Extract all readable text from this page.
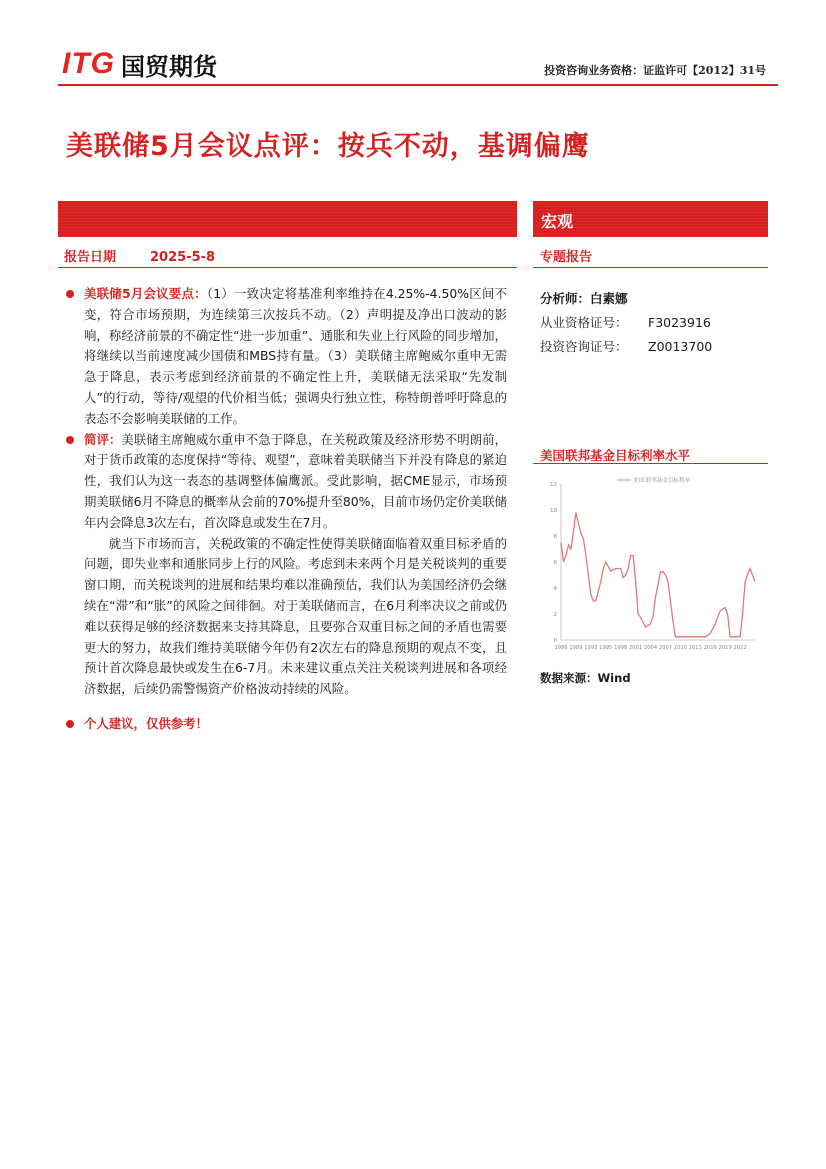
ITG 国贸期货	投资咨询业务资格：证监许可【2012】31号
美联储5月会议点评：按兵不动，基调偏鹰
宏观
报告日期	2025-5-8	专题报告
分析师： 白素娜
从业资格证号：	F3023916
投资咨询证号：	Z0013700

美联储5月会议要点：（1）一致决定将基准利率维持在4.25%-4.50%区间不变，符合市场预期，为连续第三次按兵不动。（2）声明提及净出口波动的影响，称经济前景的不确定性“进一步加重”、通胀和失业上行风险的同步增加，将继续以当前速度减少国债和MBS持有量。（3）美联储主席鲍威尔重申无需急于降息，表示考虑到经济前景的不确定性上升，美联储无法采取“先发制人”的行动，等待/观望的代价相当低；强调央行独立性，称特朗普呼吁降息的表态不会影响美联储的工作。

简评：美联储主席鲍威尔重申不急于降息，在关税政策及经济形势不明朗前，对于货币政策的态度保持“等待、观望”，意味着美联储当下并没有降息的紧迫性，我们认为这一表态的基调整体偏鹰派。受此影响，据CME显示，市场预期美联储6月不降息的概率从会前的70%提升至80%，目前市场仍定价美联储年内会降息3次左右，首次降息或发生在7月。

就当下市场而言，关税政策的不确定性使得美联储面临着双重目标矛盾的问题，即失业率和通胀同步上行的风险。考虑到未来两个月是关税谈判的重要窗口期，而关税谈判的进展和结果均难以准确预估，我们认为美国经济仍会继续在“滞”和“胀”的风险之间徘徊。对于美联储而言，在6月利率决议之前或仍难以获得足够的经济数据来支持其降息，且要弥合双重目标之间的矛盾也需要更大的努力，故我们维持美联储今年仍有2次左右的降息预期的观点不变，且预计首次降息最快或发生在6-7月。未来建议重点关注关税谈判进展和各项经济数据，后续仍需警惕资产价格波动持续的风险。

个人建议，仅供参考！

美国联邦基金目标利率水平
0
2
4
6
8
10
12
1986 1989 1992 1995 1998 2001 2004 2007 2010 2013 2016 2019 2022
美国:联邦基金目标利率
数据来源：Wind
